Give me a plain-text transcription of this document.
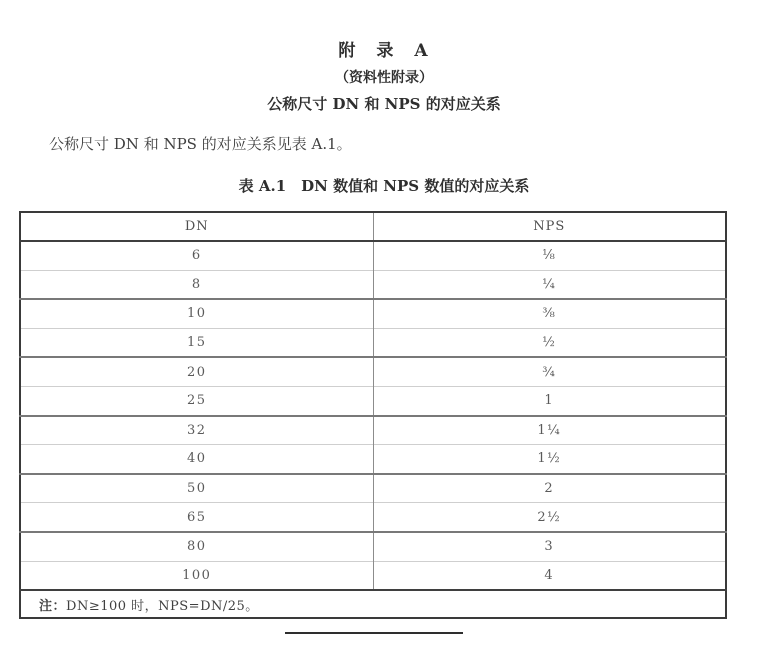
附　录　A
（资料性附录）
公称尺寸 DN 和 NPS 的对应关系

公称尺寸 DN 和 NPS 的对应关系见表 A.1。

表 A.1　DN 数值和 NPS 数值的对应关系
DN	NPS
6	⅛
8	¼
10	⅜
15	½
20	¾
25	1
32	1¼
40	1½
50	2
65	2½
80	3
100	4
注：DN≥100 时，NPS=DN/25。	
